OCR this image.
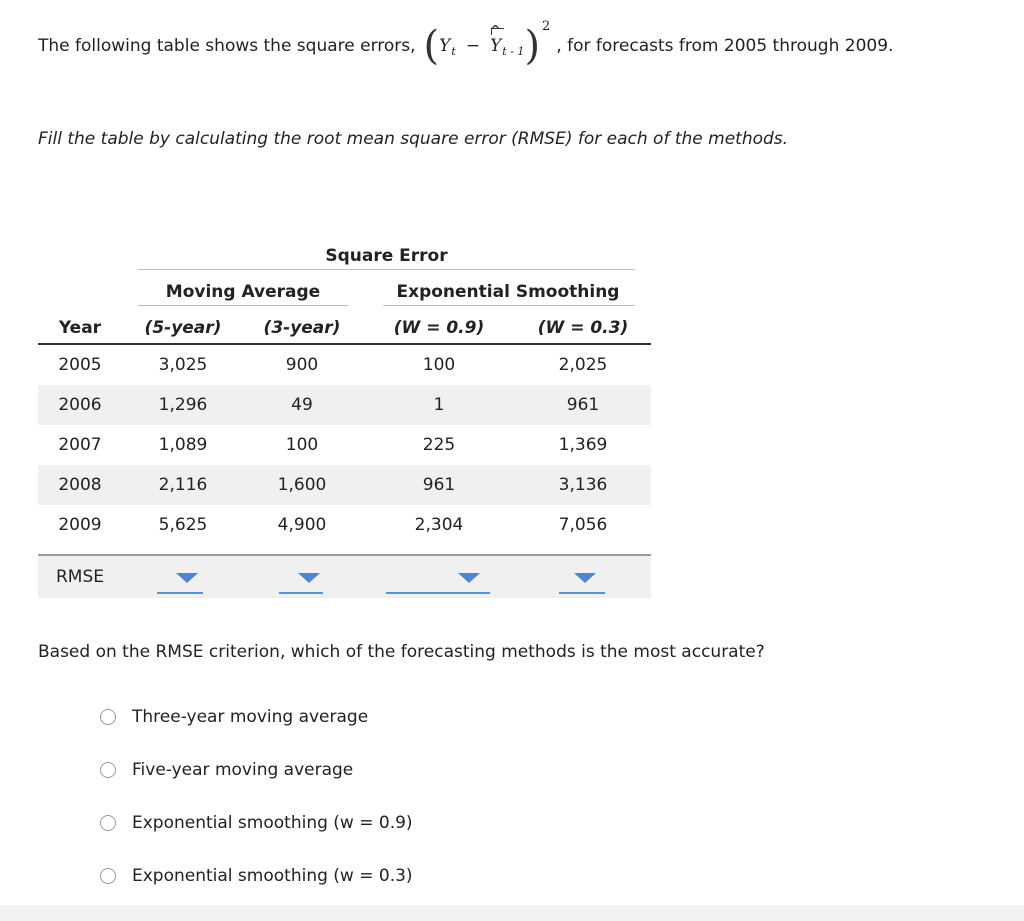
The following table shows the square errors, ( Y t −
^
Y t - 1 ) 2
, for forecasts from 2005 through 2009.
Fill the table by calculating the root mean square error (RMSE) for each of the methods.
Square Error
Moving Average	Exponential Smoothing
Year	(5-year)	(3-year)	(W = 0.9)	(W = 0.3)
2005	3,025	900	100	2,025
2006	1,296	49	1	961
2007	1,089	100	225	1,369
2008	2,116	1,600	961	3,136
2009	5,625	4,900	2,304	7,056
RMSE
Based on the RMSE criterion, which of the forecasting methods is the most accurate?
Three-year moving average
Five-year moving average
Exponential smoothing (w = 0.9)
Exponential smoothing (w = 0.3)
